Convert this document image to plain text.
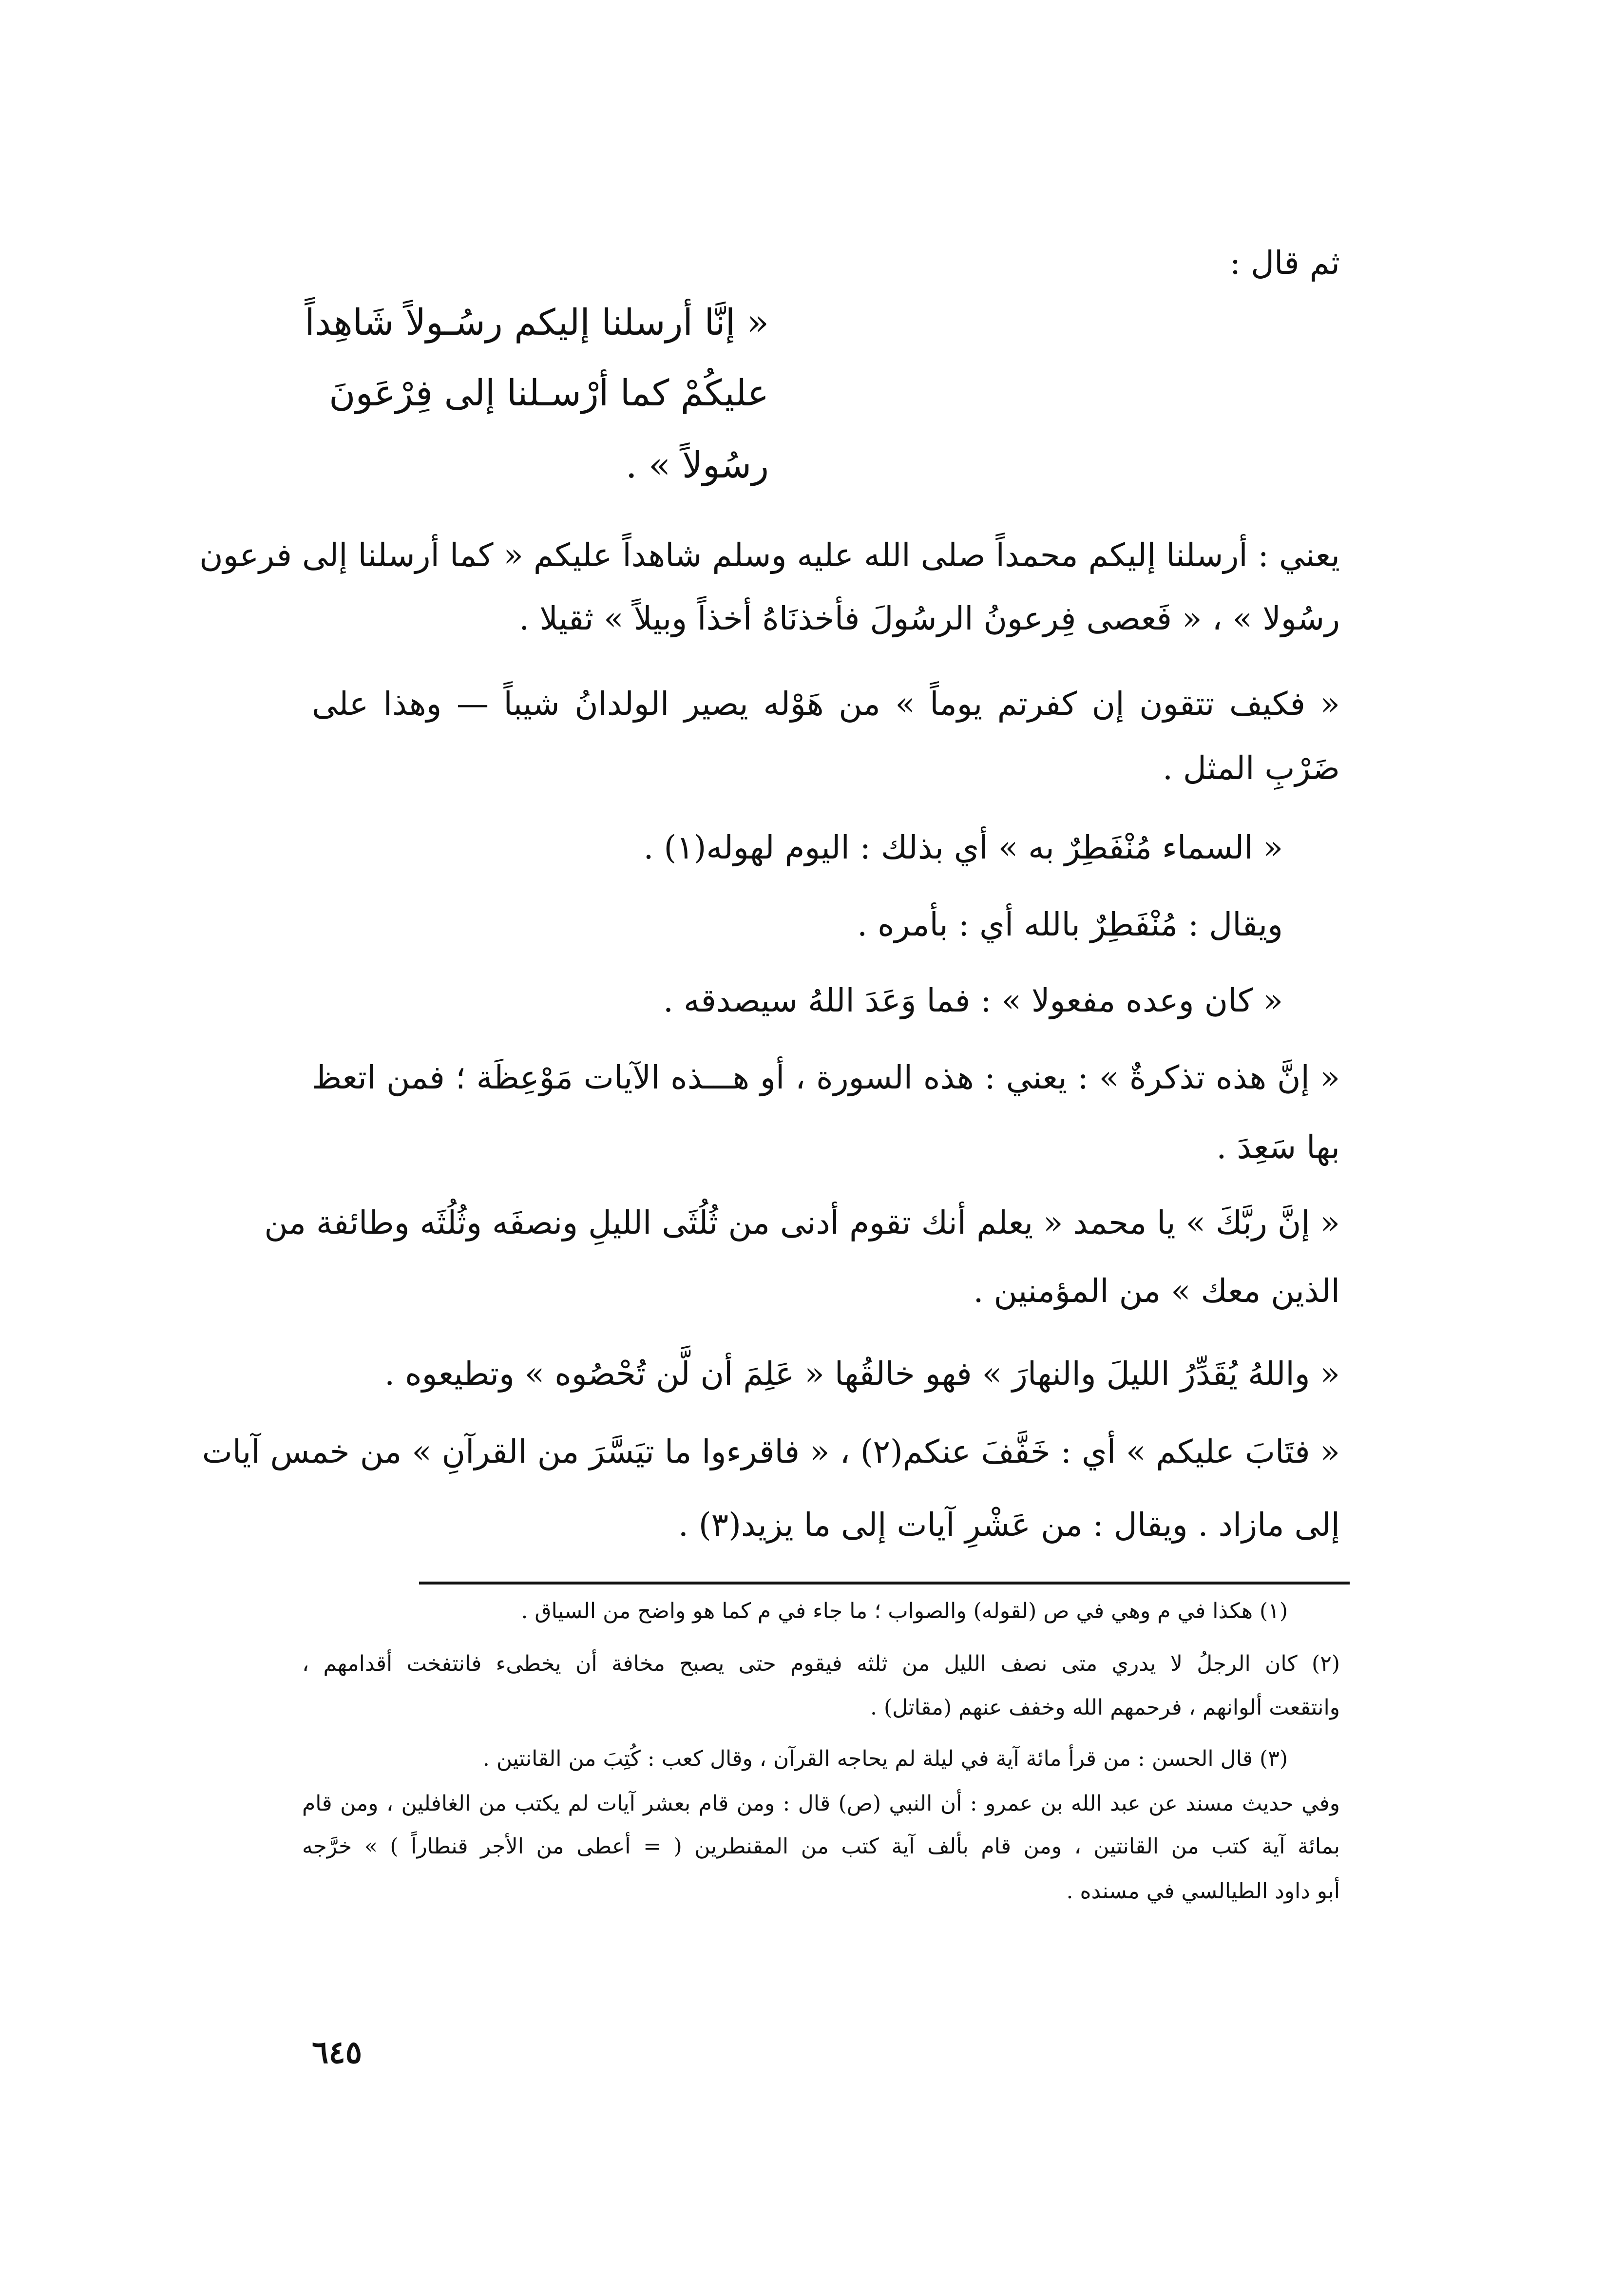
ثم قال :

« إنَّا أرسلنا إليكم رسُـولاً شَاهِداً

عليكُمْ كما أرْسـلنا إلى فِرْعَونَ

رسُولاً » .

يعني : أرسلنا إليكم محمداً صلى الله عليه وسلم شاهداً عليكم « كما أرسلنا إلى فرعون

رسُولا » ، « فَعصى فِرعونُ الرسُولَ فأخذنَاهُ أخذاً وبيلاً » ثقيلا .

« فكيف تتقون إن كفرتم يوماً » من هَوْله يصير الولدانُ شيباً — وهذا على

ضَرْبِ المثل .

« السماء مُنْفَطِرٌ به » أي بذلك : اليوم لهوله(١) .

ويقال : مُنْفَطِرٌ بالله أي : بأمره .

« كان وعده مفعولا » : فما وَعَدَ اللهُ سيصدقه .

« إنَّ هذه تذكرةٌ » : يعني : هذه السورة ، أو هـــذه الآيات مَوْعِظَة ؛ فمن اتعظ

بها سَعِدَ .

« إنَّ ربَّكَ » يا محمد « يعلم أنك تقوم أدنى من ثُلُثَى الليلِ ونصفَه وثُلُثَه وطائفة من

الذين معك » من المؤمنين .

« واللهُ يُقَدِّرُ الليلَ والنهارَ » فهو خالقُها « عَلِمَ أن لَّن تُحْصُوه » وتطيعوه .

« فتَابَ عليكم » أي : خَفَّفَ عنكم(٢) ، « فاقرءوا ما تيَسَّرَ من القرآنِ » من خمس آيات

إلى مازاد . ويقال : من عَشْرِ آيات إلى ما يزيد(٣) .

(١) هكذا في م وهي في ص (لقوله) والصواب ؛ ما جاء في م كما هو واضح من السياق .

(٢) كان الرجلُ لا يدري متى نصف الليل من ثلثه فيقوم حتى يصبح مخافة أن يخطىء فانتفخت أقدامهم ،

وانتقعت ألوانهم ، فرحمهم الله وخفف عنهم (مقاتل) .

(٣) قال الحسن : من قرأ مائة آية في ليلة لم يحاجه القرآن ، وقال كعب : كُتِبَ من القانتين .

وفي حديث مسند عن عبد الله بن عمرو : أن النبي (ص) قال : ومن قام بعشر آيات لم يكتب من الغافلين ، ومن قام

بمائة آية كتب من القانتين ، ومن قام بألف آية كتب من المقنطرين ( = أعطى من الأجر قنطاراً ) » خرَّجه

أبو داود الطيالسي في مسنده .

٦٤٥
